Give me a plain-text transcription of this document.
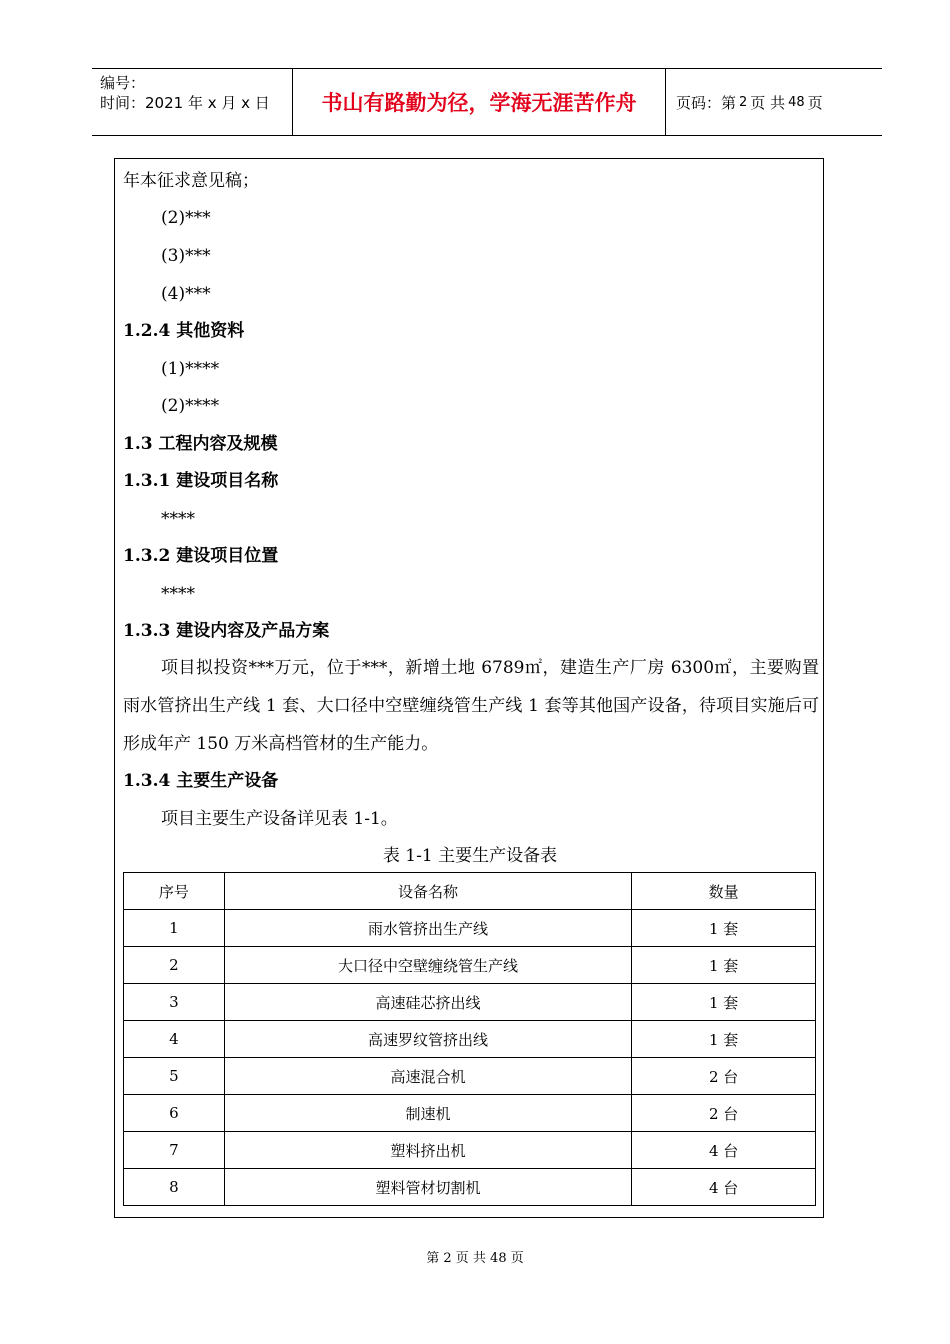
编号：
时间：2021 年 x 月 x 日	书山有路勤为径，学海无涯苦作舟	页码：第 2 页 共 48 页
年本征求意见稿；
(2)***
(3)***
(4)***
1.2.4 其他资料
(1)****
(2)****
1.3 工程内容及规模
1.3.1 建设项目名称
****
1.3.2 建设项目位置
****
1.3.3 建设内容及产品方案
项目拟投资***万元，位于***，新增土地 6789㎡，建造生产厂房 6300㎡，主要购置雨水管挤出生产线 1 套、大口径中空壁缠绕管生产线 1 套等其他国产设备，待项目实施后可形成年产 150 万米高档管材的生产能力。
1.3.4 主要生产设备
项目主要生产设备详见表 1-1。
表 1-1 主要生产设备表
序号	设备名称	数量
1	雨水管挤出生产线	1 套
2	大口径中空壁缠绕管生产线	1 套
3	高速硅芯挤出线	1 套
4	高速罗纹管挤出线	1 套
5	高速混合机	2 台
6	制速机	2 台
7	塑料挤出机	4 台
8	塑料管材切割机	4 台
第 2 页 共 48 页
